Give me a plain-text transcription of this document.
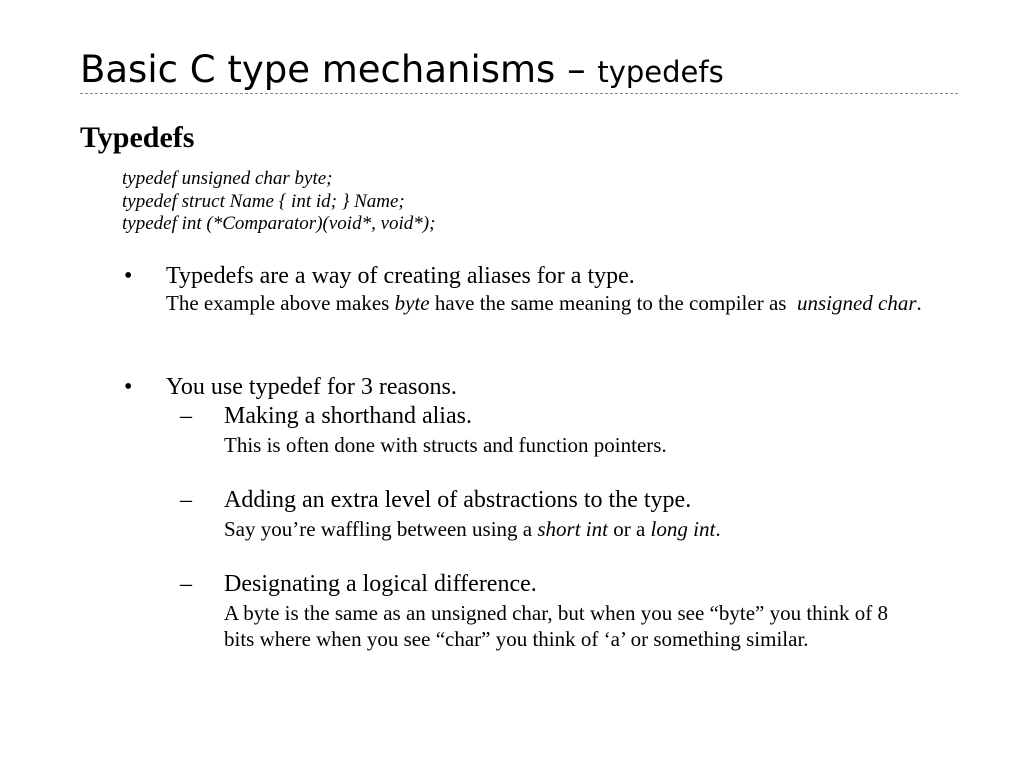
Basic C type mechanisms – typedefs
Typedefs
typedef unsigned char byte;
typedef struct Name { int id; } Name;
typedef int (*Comparator)(void*, void*);
• Typedefs are a way of creating aliases for a type.
The example above makes byte have the same meaning to the compiler as unsigned char.
• You use typedef for 3 reasons.
– Making a shorthand alias.
This is often done with structs and function pointers.
– Adding an extra level of abstractions to the type.
Say you’re waffling between using a short int or a long int.
– Designating a logical difference.
A byte is the same as an unsigned char, but when you see “byte” you think of 8 bits where when you see “char” you think of ‘a’ or something similar.
